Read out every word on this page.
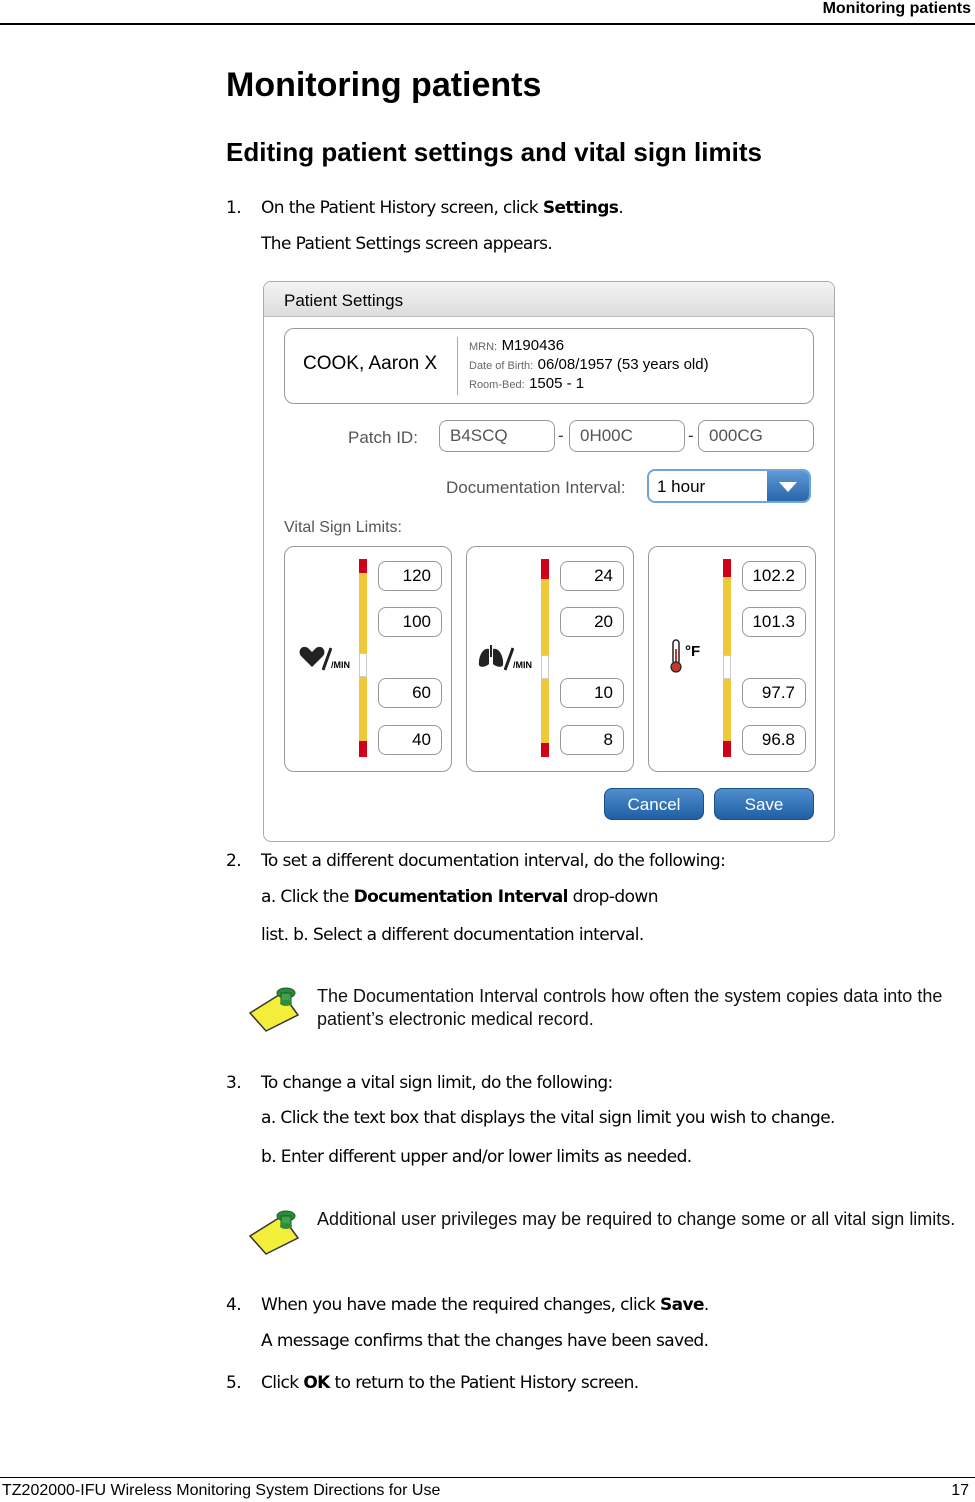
Monitoring patients
Monitoring patients
Editing patient settings and vital sign limits
1. On the Patient History screen, click Settings.
The Patient Settings screen appears.
Patient Settings
COOK, Aaron X
MRN: M190436
Date of Birth: 06/08/1957 (53 years old)
Room-Bed: 1505 - 1
Patch ID:	B4SCQ	- 0H00C	- 000CG
Documentation Interval: 1 hour
Vital Sign Limits:
/MIN
120
100
60
40
/MIN
24
20
10
8
°F
102.2
101.3
97.7
96.8
Cancel	Save
2. To set a different documentation interval, do the following:
a. Click the Documentation Interval drop-down
list. b. Select a different documentation interval.
The Documentation Interval controls how often the system copies data into the patient’s electronic medical record.
3. To change a vital sign limit, do the following:
a. Click the text box that displays the vital sign limit you wish to change.
b. Enter different upper and/or lower limits as needed.
Additional user privileges may be required to change some or all vital sign limits.
4. When you have made the required changes, click Save.
A message confirms that the changes have been saved.
5. Click OK to return to the Patient History screen.
TZ202000-IFU Wireless Monitoring System Directions for Use	17
